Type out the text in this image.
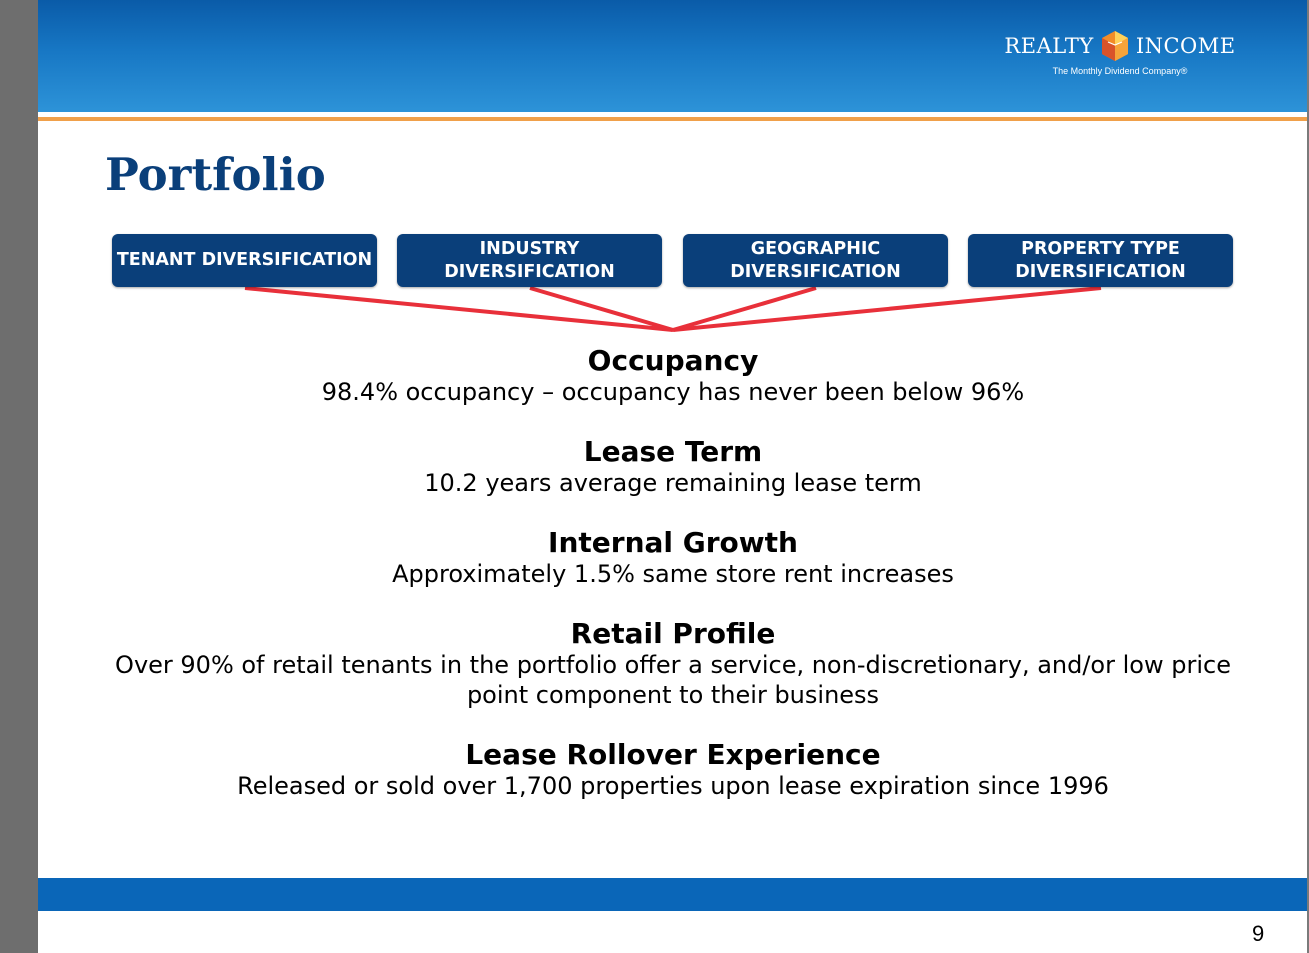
REALTY INCOME
The Monthly Dividend Company®
Portfolio
TENANT DIVERSIFICATION
INDUSTRY
DIVERSIFICATION
GEOGRAPHIC
DIVERSIFICATION
PROPERTY TYPE
DIVERSIFICATION

Occupancy

98.4% occupancy – occupancy has never been below 96%

Lease Term

10.2 years average remaining lease term

Internal Growth

Approximately 1.5% same store rent increases

Retail Profile

Over 90% of retail tenants in the portfolio offer a service, non-discretionary, and/or low price point component to their business

Lease Rollover Experience

Released or sold over 1,700 properties upon lease expiration since 1996

9
